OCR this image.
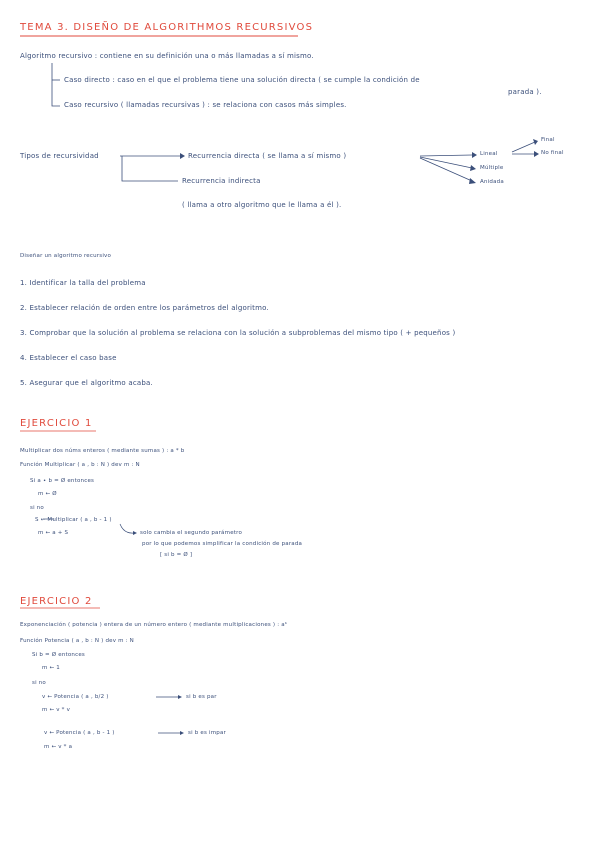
TEMA 3. DISEÑO DE ALGORITHMOS RECURSIVOS
Algoritmo recursivo : contiene en su definición una o más llamadas a sí mismo.
Caso directo : caso en el que el problema tiene una solución directa ( se cumple la condición de
parada ).
Caso recursivo ( llamadas recursivas ) : se relaciona con casos más simples.
Tipos de recursividad	Recurrencia directa ( se llama a sí mismo )
Recurrencia indirecta
( llama a otro algoritmo que le llama a él ).
Lineal
Múltiple
Anidada
Final
No final
Diseñar un algoritmo recursivo
1. Identificar la talla del problema
2. Establecer relación de orden entre los parámetros del algoritmo.
3. Comprobar que la solución al problema se relaciona con la solución a subproblemas del mismo tipo ( + pequeños )
4. Establecer el caso base
5. Asegurar que el algoritmo acaba.
EJERCICIO 1
Multiplicar dos núms enteros ( mediante sumas ) : a * b
Función Multiplicar ( a , b : N ) dev m : N
Si a ∙ b = Ø entonces
m ← Ø
si no
S ← Multiplicar ( a , b - 1 )
m ← a + S	solo cambia el segundo parámetro
por lo que podemos simplificar la condición de parada
[ si b = Ø ]
EJERCICIO 2
Exponenciación ( potencia ) entera de un número entero ( mediante multiplicaciones ) : aᵇ
Función Potencia ( a , b : N ) dev m : N
Si b = Ø entonces
m ← 1
si no
v ← Potencia ( a , b/2 )	si b es par
m ← v * v
v ← Potencia ( a , b - 1 )	si b es impar
m ← v * a
